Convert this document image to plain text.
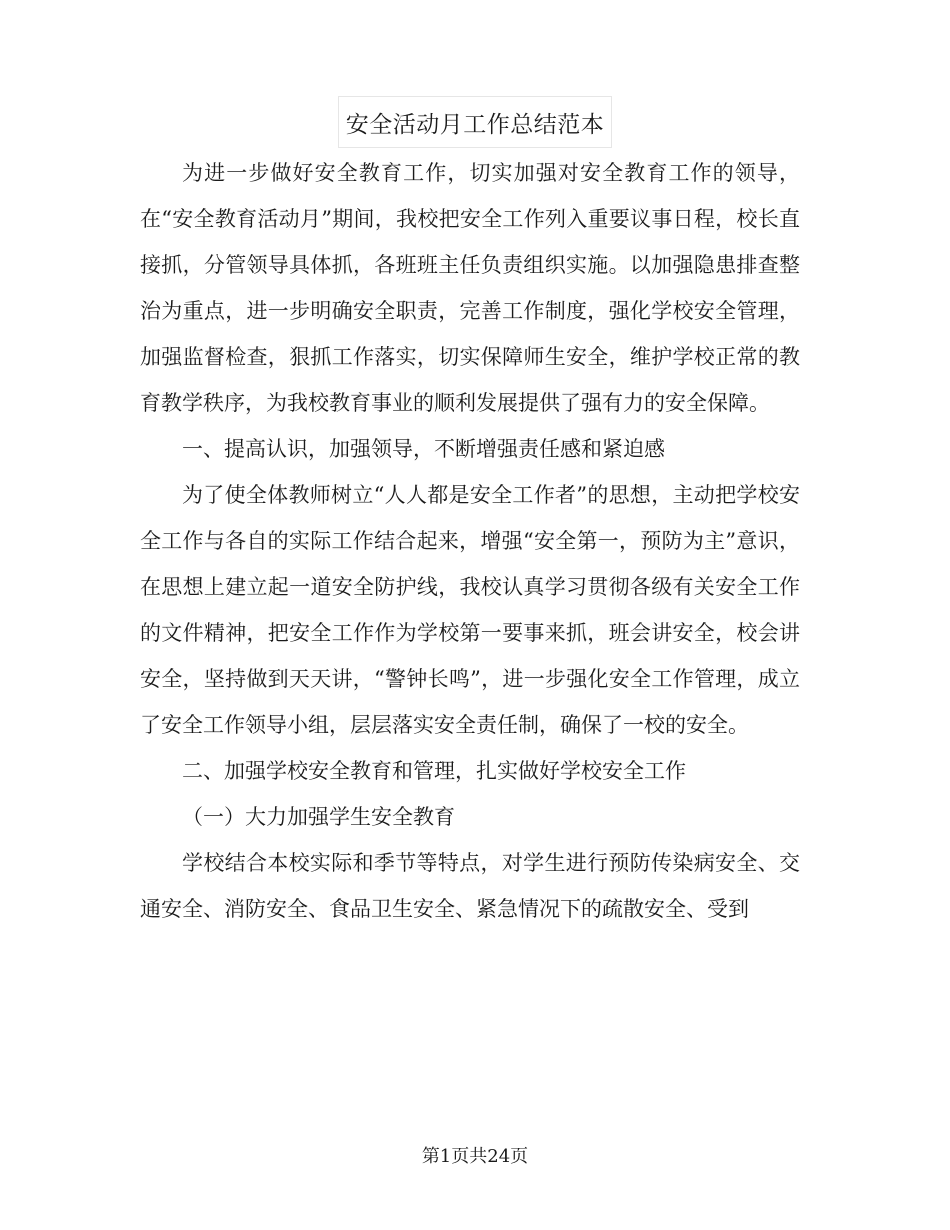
安全活动月工作总结范本

为进一步做好安全教育工作，切实加强对安全教育工作的领导，在“安全教育活动月”期间，我校把安全工作列入重要议事日程，校长直接抓，分管领导具体抓，各班班主任负责组织实施。以加强隐患排查整治为重点，进一步明确安全职责，完善工作制度，强化学校安全管理，加强监督检查，狠抓工作落实，切实保障师生安全，维护学校正常的教育教学秩序，为我校教育事业的顺利发展提供了强有力的安全保障。

一、提高认识，加强领导，不断增强责任感和紧迫感

为了使全体教师树立“人人都是安全工作者”的思想，主动把学校安全工作与各自的实际工作结合起来，增强“安全第一，预防为主”意识，在思想上建立起一道安全防护线，我校认真学习贯彻各级有关安全工作的文件精神，把安全工作作为学校第一要事来抓，班会讲安全，校会讲安全，坚持做到天天讲，“警钟长鸣”，进一步强化安全工作管理，成立了安全工作领导小组，层层落实安全责任制，确保了一校的安全。

二、加强学校安全教育和管理，扎实做好学校安全工作

（一）大力加强学生安全教育

学校结合本校实际和季节等特点，对学生进行预防传染病安全、交通安全、消防安全、食品卫生安全、紧急情况下的疏散安全、受到

第1页共24页
